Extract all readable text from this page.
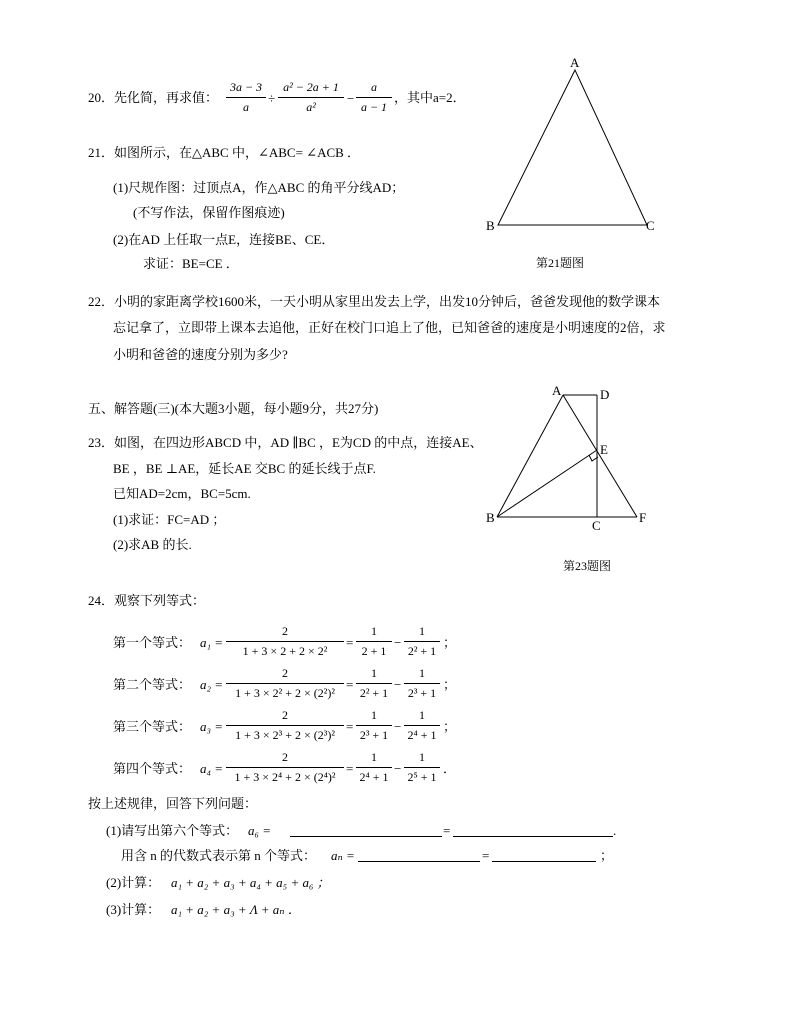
20．先化简，再求值： $\frac{3a - 3}{a} \div \frac{\text{a² − 2a + 1}}{\text{a²}} - \frac{a}{a - 1}$ ，其中a=2．
21．如图所示，在△ABC 中，∠ABC= ∠ACB ．
(1)尺规作图：过顶点A，作△ABC 的角平分线AD；
(不写作法，保留作图痕迹)
(2)在AD 上任取一点E，连接BE、CE．
求证：BE=CE ．
A
B	C
第21题图
22．小明的家距离学校1600米，一天小明从家里出发去上学，出发10分钟后，爸爸发现他的数学课本
忘记拿了，立即带上课本去追他，正好在校门口追上了他，已知爸爸的速度是小明速度的2倍，求
小明和爸爸的速度分别为多少?
五、解答题(三)(本大题3小题，每小题9分，共27分)
23．如图，在四边形ABCD 中，AD ∥BC ，E为CD 的中点，连接AE、
BE ，BE ⊥AE，延长AE 交BC 的延长线于点F.
已知AD=2cm，BC=5cm.
(1)求证：FC=AD ；
(2)求AB 的长.
A	D
E
B
C
F
第23题图
24．观察下列等式：
第一个等式： $a_1 = \frac{2}{\text{1 + 3 × 2 + 2 × 2²}} = \frac{1}{2 + 1} - \frac{1}{\text{2² + 1}}$ ；
第二个等式： $a_2 = \frac{2}{\text{1 + 3 × 2² + 2 × (2²)²}} = \frac{1}{\text{2² + 1}} - \frac{1}{\text{2³ + 1}}$ ；
第三个等式： $a_3 = \frac{2}{\text{1 + 3 × 2³ + 2 × (2³)²}} = \frac{1}{\text{2³ + 1}} - \frac{1}{\text{2⁴ + 1}}$ ；
第四个等式： $a_4 = \frac{2}{\text{1 + 3 × 2⁴ + 2 × (2⁴)²}} = \frac{1}{\text{2⁴ + 1}} - \frac{1}{\text{2⁵ + 1}}$ ．
按上述规律，回答下列问题：
(1)请写出第六个等式： a₆ =	=	.
用含 n 的代数式表示第 n 个等式： aₙ =	=	；
(2)计算： a₁ + a₂ + a₃ + a₄ + a₅ + a₆ ；
(3)计算： a₁ + a₂ + a₃ + Λ + aₙ ．
